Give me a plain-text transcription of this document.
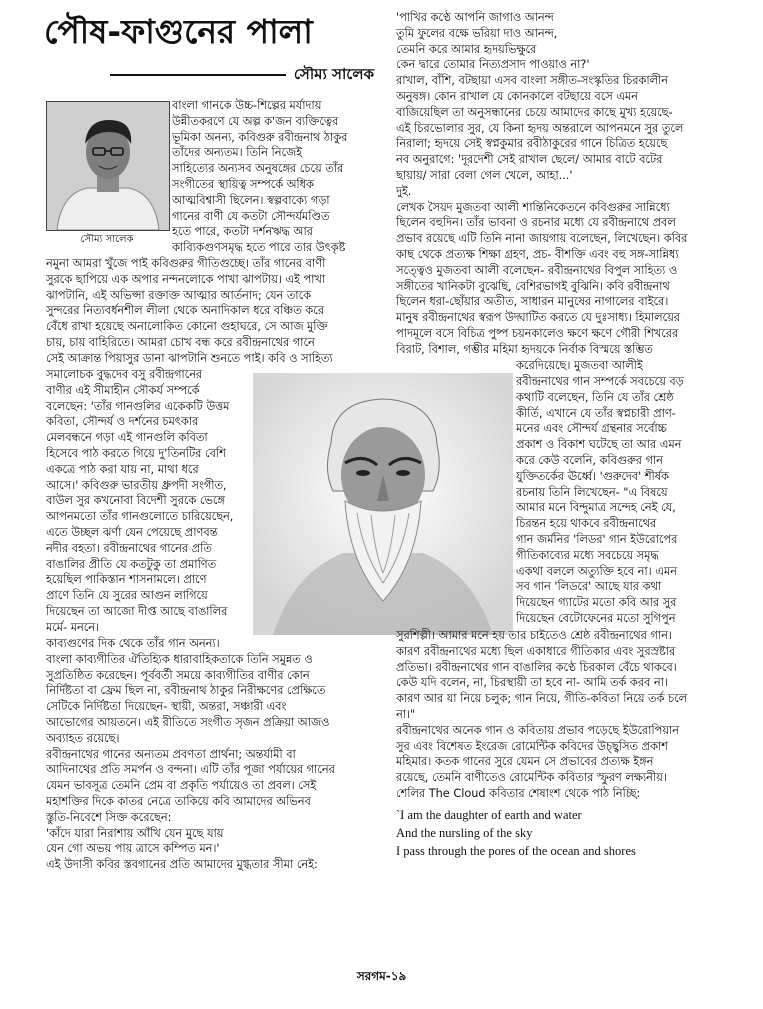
পৌষ-ফাগুনের পালা
সৌম্য সালেক
সৌম্য সালেক

বাংলা গানকে উচ্চ-শিল্পের মর্যাদায়
উন্নীতকরণে যে অল্প ক'জন ব্যক্তিত্বের
ভূমিকা অনন্য, কবিগুরু রবীন্দ্রনাথ ঠাকুর
তাঁদের অন্যতম। তিনি নিজেই
সাহিত্যের অন্যসব অনুষঙ্গের চেয়ে তাঁর
সংগীতের স্থায়িত্ব সম্পর্কে অধিক
আত্মবিশ্বাসী ছিলেন। স্বল্পবাক্যে গড়া
গানের বাণী যে কতটা সৌন্দর্যমণ্ডিত
হতে পারে, কতটা দর্শনঋদ্ধ আর
কাব্যিকগুণসমৃদ্ধ হতে পারে তার উৎকৃষ্ট

নমুনা আমরা খুঁজে পাই কবিগুরুর গীতিগুচ্ছে। তাঁর গানের বাণী
সুরকে ছাপিয়ে এক অপার নন্দনলোকে পাখা ঝাপটায়। এই পাখা
ঝাপটানি, এই অভিপ্সা রক্তাক্ত আত্মার আর্তনাদ; যেন তাকে
সুন্দরের নিত্যবর্ধনশীল লীলা থেকে অনাদিকাল ধরে বঞ্চিত করে
বেঁধে রাখা হয়েছে অনালোকিত কোনো গুহাঘরে, সে আজ মুক্তি
চায়, চায় বাহিরিতে। আমরা চোখ বন্ধ করে রবীন্দ্রনাথের গানে
সেই আক্রান্ত পিয়াসুর ডানা ঝাপটানি শুনতে পাই। কবি ও সাহিত্য

সমালোচক বুদ্ধদেব বসু রবীন্দ্রগানের
বাণীর এই সীমাহীন সৌকর্য সম্পর্কে
বলেছেন: 'তাঁর গানগুলির একেকটি উত্তম
কবিতা, সৌন্দর্য ও দর্শনের চমৎকার
মেলবন্ধনে গড়া এই গানগুলি কবিতা
হিসেবে পাঠ করতে গিয়ে দু'তিনটির বেশি
একত্রে পাঠ করা যায় না, মাথা ধরে
আসে।' কবিগুরু ভারতীয় ধ্রুপদী সংগীত,
বাউল সুর কখনোবা বিদেশী সুরকে ভেঙ্গে
আপনমতো তাঁর গানগুলোতে চারিয়েছেন,
এতে উচ্ছল ঝর্ণা যেন পেয়েছে প্রাণবন্ত
নদীর বহতা। রবীন্দ্রনাথের গানের প্রতি
বাঙালির প্রীতি যে কতটুকু তা প্রমাণিত
হয়েছিল পাকিস্তান শাসনামলে। প্রাণে
প্রাণে তিনি যে সুরের আগুন লাগিয়ে
দিয়েছেন তা আজো দীপ্ত আছে বাঙালির
মর্মে- মননে।

কাব্যগুণের দিক থেকে তাঁর গান অনন্য।
বাংলা কাব্যগীতির ঐতিহ্যিক ধারাবাহিকতাকে তিনি সমুন্নত ও
সুপ্রতিষ্ঠিত করেছেন। পূর্ববর্তী সময়ে কাব্যগীতির বাণীর কোন
নির্দিষ্টতা বা ফ্রেম ছিল না, রবীন্দ্রনাথ ঠাকুর নিরীক্ষণের প্রেক্ষিতে
সেটিকে নির্দিষ্টতা দিয়েছেন- স্থায়ী, অন্তরা, সঞ্চারী এবং
আভোগের আয়তনে। এই রীতিতে সংগীত সৃজন প্রক্রিয়া আজও
অব্যাহত রয়েছে।
রবীন্দ্রনাথের গানের অন্যতম প্রবণতা প্রার্থনা; অন্তর্যামী বা
আদিনাথের প্রতি সমর্পন ও বন্দনা। এটি তাঁর পূজা পর্যায়ের গানের
যেমন ভাবসূত্র তেমনি প্রেম বা প্রকৃতি পর্যায়েও তা প্রবল। সেই
মহাশক্তির দিকে কাতর নেত্রে তাকিয়ে কবি আমাদের অভিনব
স্তুতি-নিবেশে সিক্ত করেছেন:
'কাঁদে যারা নিরাশায় আঁখি যেন মুছে যায়
যেন গো অভয় পায় ত্রাসে কম্পিত মন।'
এই উদাসী কবির স্তবগানের প্রতি আমাদের মুগ্ধতার সীমা নেই:

'পাখির কণ্ঠে আপনি জাগাও আনন্দ
তুমি ফুলের বক্ষে ভরিয়া দাও আনন্দ,
তেমনি করে আমার হৃদয়ভিক্ষুরে
কেন দ্বারে তোমার নিত্যপ্রসাদ পাওয়াও না?'
রাখাল, বাঁশি, বটছায়া এসব বাংলা সঙ্গীত-সংস্কৃতির চিরকালীন
অনুষঙ্গ। কোন রাখাল যে কোনকালে বটছায়ে বসে এমন
বাজিয়েছিল তা অনুসন্ধানের চেয়ে আমাদের কাছে মুখ্য হয়েছে-
এই চিরভোলার সুর, যে কিনা হৃদয় অন্তরালে আপনমনে সুর তুলে
নিরালা; হৃদয়ে সেই স্বপ্নকুমার রবীঠাকুরের গানে চিত্রিত হয়েছে
নব অনুরাগে: 'দূরদেশী সেই রাখাল ছেলে/ আমার বাটে বটের
ছায়ায়/ সারা বেলা গেল খেলে, আহা...'
দুই.
লেখক সৈয়দ মুজতবা আলী শান্তিনিকেতনে কবিগুরুর সান্নিধ্যে
ছিলেন বহুদিন। তাঁর ভাবনা ও রচনার মধ্যে যে রবীন্দ্রনাথে প্রবল
প্রভাব রয়েছে এটি তিনি নানা জায়গায় বলেছেন, লিখেছেন। কবির
কাছ থেকে প্রত্যক্ষ শিক্ষা গ্রহণ, প্রচ- বীশক্তি এবং বহু সঙ্গ-সান্নিধ্য
সত্ত্বেও মুজতবা আলী বলেছেন- রবীন্দ্রনাথের বিপুল সাহিত্য ও
সঙ্গীতের খানিকটা বুঝেছি, বেশিরভাগই বুঝিনি। কবি রবীন্দ্রনাথ
ছিলেন ধরা-ছোঁয়ার অতীত, সাধারন মানুষের নাগালের বাইরে।
মানুষ রবীন্দ্রনাথের স্বরূপ উদ্ঘাটিত করতে যে দুঃসাধ্য। হিমালয়ের
পাদমূলে বসে বিচিত্র পুষ্প চয়নকালেও ক্ষণে ক্ষণে গৌরী শিখরের
বিরাট, বিশাল, গম্ভীর মহিমা হৃদয়কে নির্বাক বিস্ময়ে স্তম্ভিত
করেদিয়েছে। মুজতবা আলীই

রবীন্দ্রনাথের গান সম্পর্কে সবচেয়ে বড়
কথাটি বলেছেন, তিনি যে তাঁর শ্রেষ্ঠ
কীর্তি, এখানে যে তাঁর স্বপ্নচারী প্রাণ-
মনের এবং সৌন্দর্য গ্রন্থনার সর্বোচ্চ
প্রকাশ ও বিকাশ ঘটেছে তা আর এমন
করে কেউ বলেনি, কবিগুরুর গান
যুক্তিতর্কের ঊর্ধ্বে। 'গুরুদেব' শীর্ষক
রচনায় তিনি লিখেছেন- "এ বিষয়ে
আমার মনে বিন্দুমাত্র সন্দেহ নেই যে,
চিরন্তন হয়ে থাকবে রবীন্দ্রনাথের
গান জর্মনির 'লিডর' গান ইউরোপের
গীতিকাব্যের মধ্যে সবচেয়ে সমৃদ্ধ
একথা বললে অত্যুক্তি হবে না। এমন
সব গান 'লিডরে' আছে যার কথা
দিয়েছেন গ্যাটের মতো কবি আর সুর
দিয়েছেন বেটোফেনের মতো সুগিপুন

সুরশিল্পী। আমার মনে হয় তার চাইতেও শ্রেষ্ঠ রবীন্দ্রনাথের গান।
কারণ রবীন্দ্রনাথের মধ্যে ছিল একাধারে গীতিকার এবং সুরস্রষ্টার
প্রতিভা। রবীন্দ্রনাথের গান বাঙালির কণ্ঠে চিরকাল বেঁচে থাকবে।
কেউ যদি বলেন, না, চিরস্থায়ী তা হবে না- আমি তর্ক করব না।
কারণ আর যা নিয়ে চলুক; গান নিয়ে, গীতি-কবিতা নিয়ে তর্ক চলে
না।"
রবীন্দ্রনাথের অনেক গান ও কবিতায় প্রভাব পড়েছে ইউরোপিয়ান
সুর এবং বিশেষত ইংরেজ রোমেন্টিক কবিদের উচ্ছ্বসিত প্রকাশ
মহিমার। কতক গানের সুরে যেমন সে প্রভাবের প্রত্যক্ষ ইঙ্গন
রয়েছে, তেমনি বাণীতেও রোমেন্টিক কবিতার স্ফুরণ লক্ষ্যনীয়।
শেলির The Cloud কবিতার শেষাংশ থেকে পাঠ নিচ্ছি:

`I am the daughter of earth and water
And the nursling of the sky
I pass through the pores of the ocean and shores

সরগম-১৯
